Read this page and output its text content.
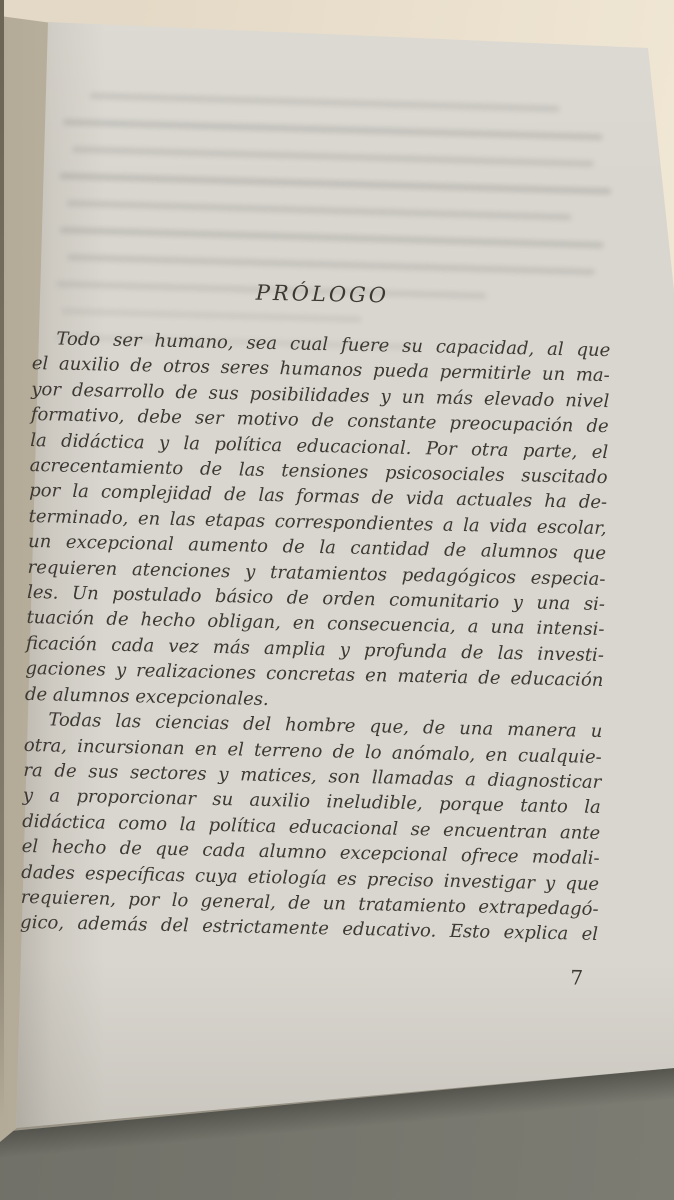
PRÓLOGO
Todo ser humano, sea cual fuere su capacidad, al que
el auxilio de otros seres humanos pueda permitirle un ma-
yor desarrollo de sus posibilidades y un más elevado nivel
formativo, debe ser motivo de constante preocupación de
la didáctica y la política educacional. Por otra parte, el
acrecentamiento de las tensiones psicosociales suscitado
por la complejidad de las formas de vida actuales ha de-
terminado, en las etapas correspondientes a la vida escolar,
un excepcional aumento de la cantidad de alumnos que
requieren atenciones y tratamientos pedagógicos especia-
les. Un postulado básico de orden comunitario y una si-
tuación de hecho obligan, en consecuencia, a una intensi-
ficación cada vez más amplia y profunda de las investi-
gaciones y realizaciones concretas en materia de educación
de alumnos excepcionales.
Todas las ciencias del hombre que, de una manera u
otra, incursionan en el terreno de lo anómalo, en cualquie-
ra de sus sectores y matices, son llamadas a diagnosticar
y a proporcionar su auxilio ineludible, porque tanto la
didáctica como la política educacional se encuentran ante
el hecho de que cada alumno excepcional ofrece modali-
dades específicas cuya etiología es preciso investigar y que
requieren, por lo general, de un tratamiento extrapedagó-
gico, además del estrictamente educativo. Esto explica el
7
